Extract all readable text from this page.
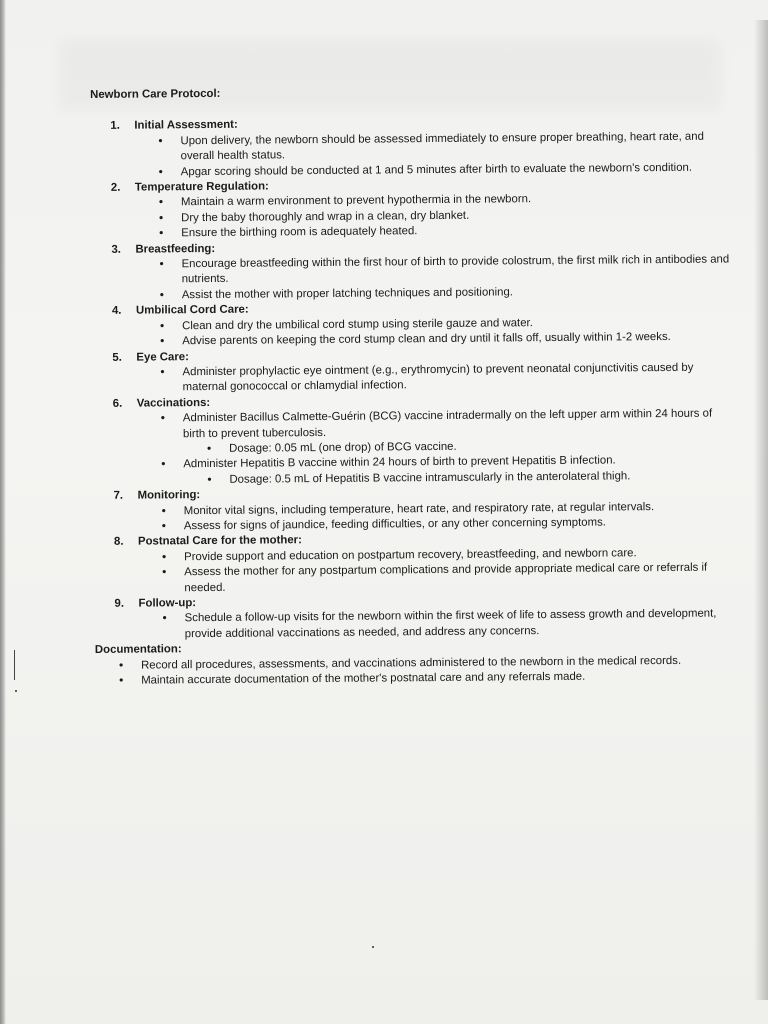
Newborn Care Protocol:
1. Initial Assessment:
• Upon delivery, the newborn should be assessed immediately to ensure proper breathing, heart rate, and overall health status.
• Apgar scoring should be conducted at 1 and 5 minutes after birth to evaluate the newborn's condition.
2. Temperature Regulation:
• Maintain a warm environment to prevent hypothermia in the newborn.
• Dry the baby thoroughly and wrap in a clean, dry blanket.
• Ensure the birthing room is adequately heated.
3. Breastfeeding:
• Encourage breastfeeding within the first hour of birth to provide colostrum, the first milk rich in antibodies and nutrients.
• Assist the mother with proper latching techniques and positioning.
4. Umbilical Cord Care:
• Clean and dry the umbilical cord stump using sterile gauze and water.
• Advise parents on keeping the cord stump clean and dry until it falls off, usually within 1-2 weeks.
5. Eye Care:
• Administer prophylactic eye ointment (e.g., erythromycin) to prevent neonatal conjunctivitis caused by maternal gonococcal or chlamydial infection.
6. Vaccinations:
• Administer Bacillus Calmette-Guérin (BCG) vaccine intradermally on the left upper arm within 24 hours of birth to prevent tuberculosis.
• Dosage: 0.05 mL (one drop) of BCG vaccine.
• Administer Hepatitis B vaccine within 24 hours of birth to prevent Hepatitis B infection.
• Dosage: 0.5 mL of Hepatitis B vaccine intramuscularly in the anterolateral thigh.
7. Monitoring:
• Monitor vital signs, including temperature, heart rate, and respiratory rate, at regular intervals.
• Assess for signs of jaundice, feeding difficulties, or any other concerning symptoms.
8. Postnatal Care for the mother:
• Provide support and education on postpartum recovery, breastfeeding, and newborn care.
• Assess the mother for any postpartum complications and provide appropriate medical care or referrals if needed.
9. Follow-up:
• Schedule a follow-up visits for the newborn within the first week of life to assess growth and development, provide additional vaccinations as needed, and address any concerns.
Documentation:
• Record all procedures, assessments, and vaccinations administered to the newborn in the medical records.
• Maintain accurate documentation of the mother's postnatal care and any referrals made.
